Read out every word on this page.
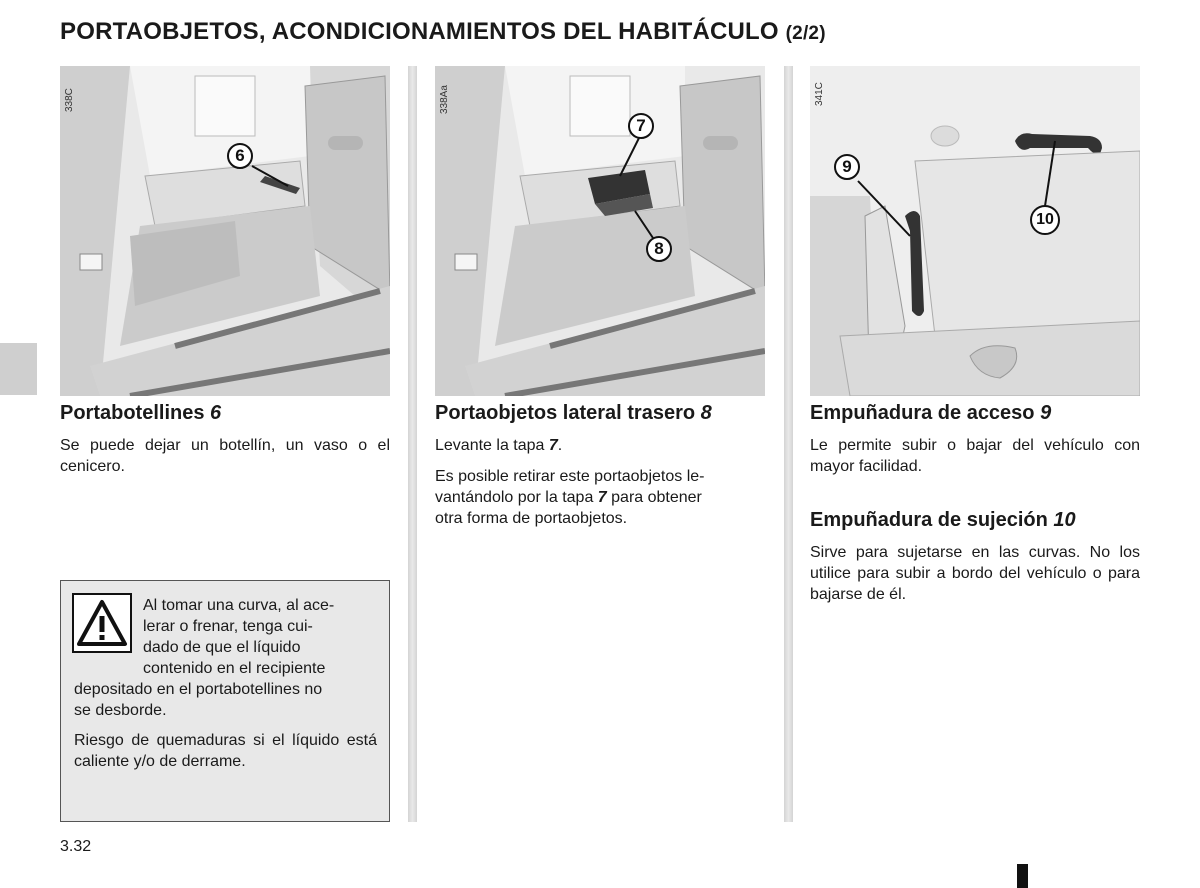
PORTAOBJETOS, ACONDICIONAMIENTOS DEL HABITÁCULO (2/2)
338C
6
338Aa
7
8
341C
9
10
Portabotellines 6

Se puede dejar un botellín, un vaso o el cenicero.

Al tomar una curva, al ace-

lerar o frenar, tenga cui-

dado de que el líquido

contenido en el recipiente

depositado en el portabotellines no

se desborde.

Riesgo de quemaduras si el líquido está caliente y/o de derrame.

Portaobjetos lateral trasero 8

Levante la tapa 7.

Es posible retirar este portaobjetos le-
vantándolo por la tapa 7 para obtener
otra forma de portaobjetos.

Empuñadura de acceso 9

Le permite subir o bajar del vehículo con mayor facilidad.

Empuñadura de sujeción 10

Sirve para sujetarse en las curvas. No los utilice para subir a bordo del vehículo o para bajarse de él.

3.32
